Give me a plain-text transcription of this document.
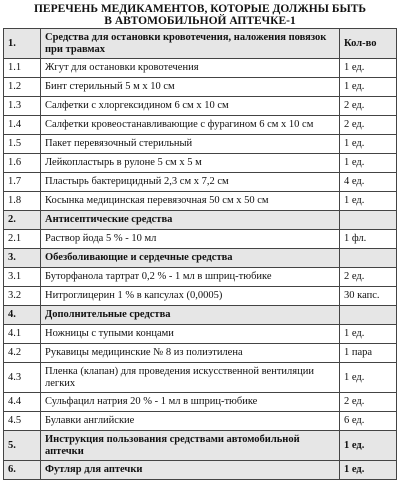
ПЕРЕЧЕНЬ МЕДИКАМЕНТОВ, КОТОРЫЕ ДОЛЖНЫ БЫТЬ
В АВТОМОБИЛЬНОЙ АПТЕЧКЕ-1
1.	Средства для остановки кровотечения, наложения повязок при травмах	Кол-во
1.1	Жгут для остановки кровотечения	1 ед.
1.2	Бинт стерильный 5 м х 10 см	1 ед.
1.3	Салфетки с хлоргексидином 6 см х 10 см	2 ед.
1.4	Салфетки кровеостанавливающие с фурагином 6 см х 10 см	2 ед.
1.5	Пакет перевязочный стерильный	1 ед.
1.6	Лейкопластырь в рулоне 5 см х 5 м	1 ед.
1.7	Пластырь бактерицидный 2,3 см х 7,2 см	4 ед.
1.8	Косынка медицинская перевязочная 50 см х 50 см	1 ед.
2.	Антисептические средства	
2.1	Раствор йода 5 % - 10 мл	1 фл.
3.	Обезболивающие и сердечные средства	
3.1	Буторфанола тартрат 0,2 % - 1 мл в шприц-тюбике	2 ед.
3.2	Нитроглицерин 1 % в капсулах (0,0005)	30 капс.
4.	Дополнительные средства	
4.1	Ножницы с тупыми концами	1 ед.
4.2	Рукавицы медицинские № 8 из полиэтилена	1 пара
4.3	Пленка (клапан) для проведения искусственной вентиляции легких	1 ед.
4.4	Сульфацил натрия 20 % - 1 мл в шприц-тюбике	2 ед.
4.5	Булавки английские	6 ед.
5.	Инструкция пользования средствами автомобильной аптечки	1 ед.
6.	Футляр для аптечки	1 ед.
